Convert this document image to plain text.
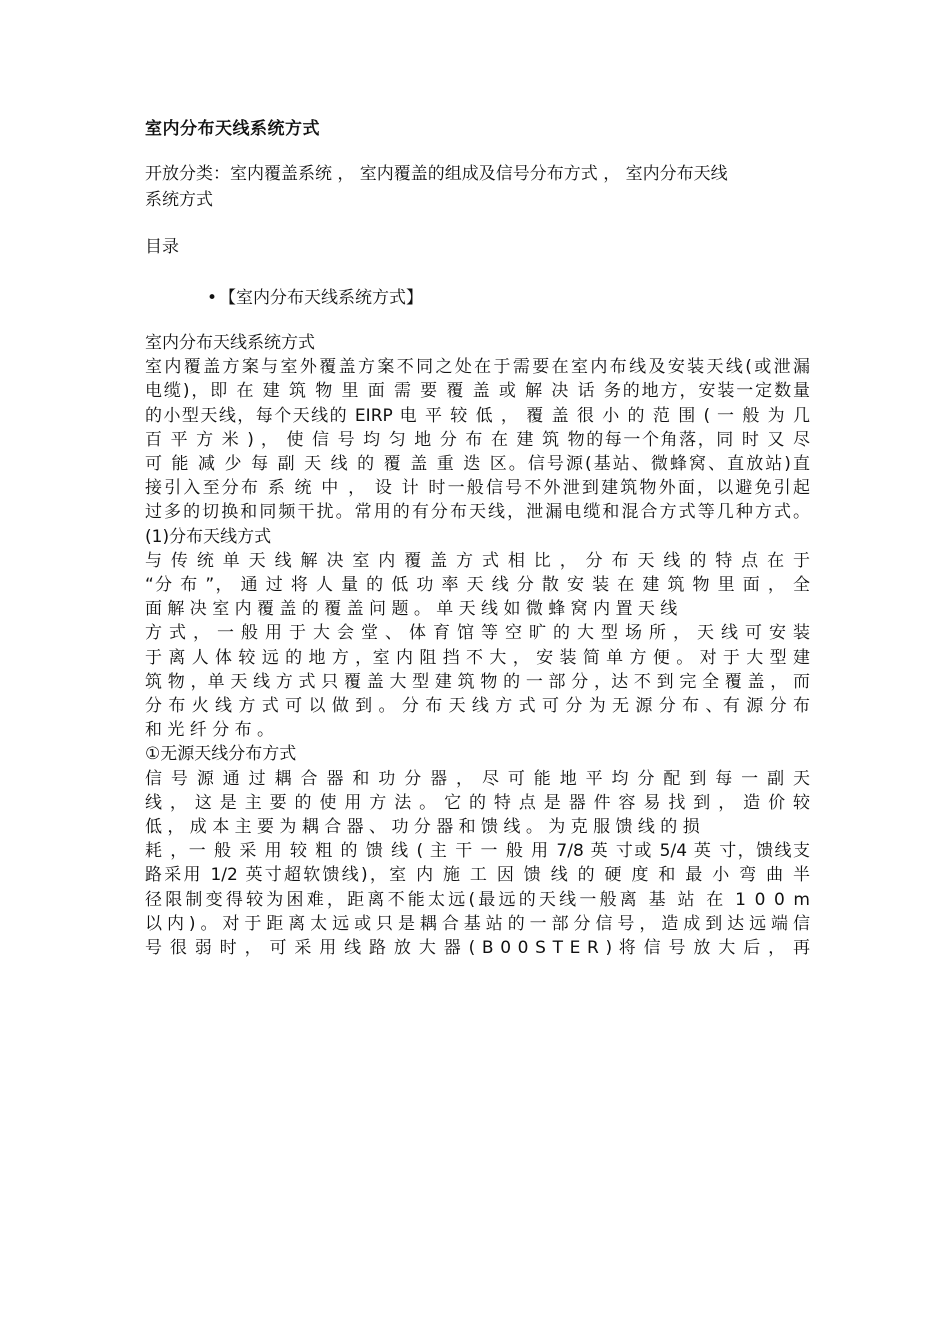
室内分布天线系统方式
开放分类：室内覆盖系统 ， 室内覆盖的组成及信号分布方式 ， 室内分布天线
系统方式
目录
• 【室内分布天线系统方式】
室内分布天线系统方式
室内覆盖方案与室外覆盖方案不同之处在于需要在室内布线及安装天线(或泄漏
电缆)，即 在 建 筑 物 里 面 需 要 覆 盖 或 解 决 话 务的地方，安装一定数量
的小型天线，每个天线的 EIRP 电 平 较 低 ， 覆 盖 很 小 的 范 围 ( 一 般 为 几
百 平 方 米 ) ， 使 信 号 均 匀 地 分 布 在 建 筑 物的每一个角落，同 时 又 尽
可 能 减 少 每 副 天 线 的 覆 盖 重 迭 区。信号源(基站、微蜂窝、直放站)直
接引入至分布 系 统 中 ， 设 计 时一般信号不外泄到建筑物外面，以避免引起
过多的切换和同频干扰。常用的有分布天线，泄漏电缆和混合方式等几种方式。
(1)分布天线方式
与 传 统 单 天 线 解 决 室 内 覆 盖 方 式 相 比 ， 分 布 天 线 的 特 点 在 于
“分 布 ”， 通 过 将 人 量 的 低 功 率 天 线 分 散 安 装 在 建 筑 物 里 面 ， 全
面 解 决 室 内 覆 盖 的 覆 盖 问 题 。 单 天 线 如 微 蜂 窝 内 置 天 线
方 式 ， 一 般 用 于 大 会 堂 、 体 育 馆 等 空 旷 的 大 型 场 所 ， 天 线 可 安 装
于 离 人 体 较 远 的 地 方 ，室 内 阻 挡 不 大 ， 安 装 简 单 方 便 。 对 于 大 型 建
筑 物 ，单 天 线 方 式 只 覆 盖 大 型 建 筑 物 的 一 部 分 ，达 不 到 完 全 覆 盖 ， 而
分 布 火 线 方 式 可 以 做 到 。 分 布 天 线 方 式 可 分 为 无 源 分 布 、有 源 分 布
和 光 纤 分 布 。
①无源天线分布方式
信 号 源 通 过 耦 合 器 和 功 分 器 ， 尽 可 能 地 平 均 分 配 到 每 一 副 天
线 ， 这 是 主 要 的 使 用 方 法 。 它 的 特 点 是 器 件 容 易 找 到 ， 造 价 较
低 ， 成 本 主 要 为 耦 合 器 、 功 分 器 和 馈 线 。 为 克 服 馈 线 的 损
耗 ，一 般 采 用 较 粗 的 馈 线 ( 主 干 一 般 用 7/8 英 寸或 5/4 英 寸，馈线支
路采用 1/2 英寸超软馈线)，室 内 施 工 因 馈 线 的 硬 度 和 最 小 弯 曲 半
径限制变得较为困难，距离不能太远(最远的天线一般离 基 站 在 1 0 0 m
以内)。对于距离太远或只是耦合基站的一部分信号，造成到达远端信
号 很 弱 时 ， 可 采 用 线 路 放 大 器 ( B 0 0 S T E R ) 将 信 号 放 大 后 ， 再
